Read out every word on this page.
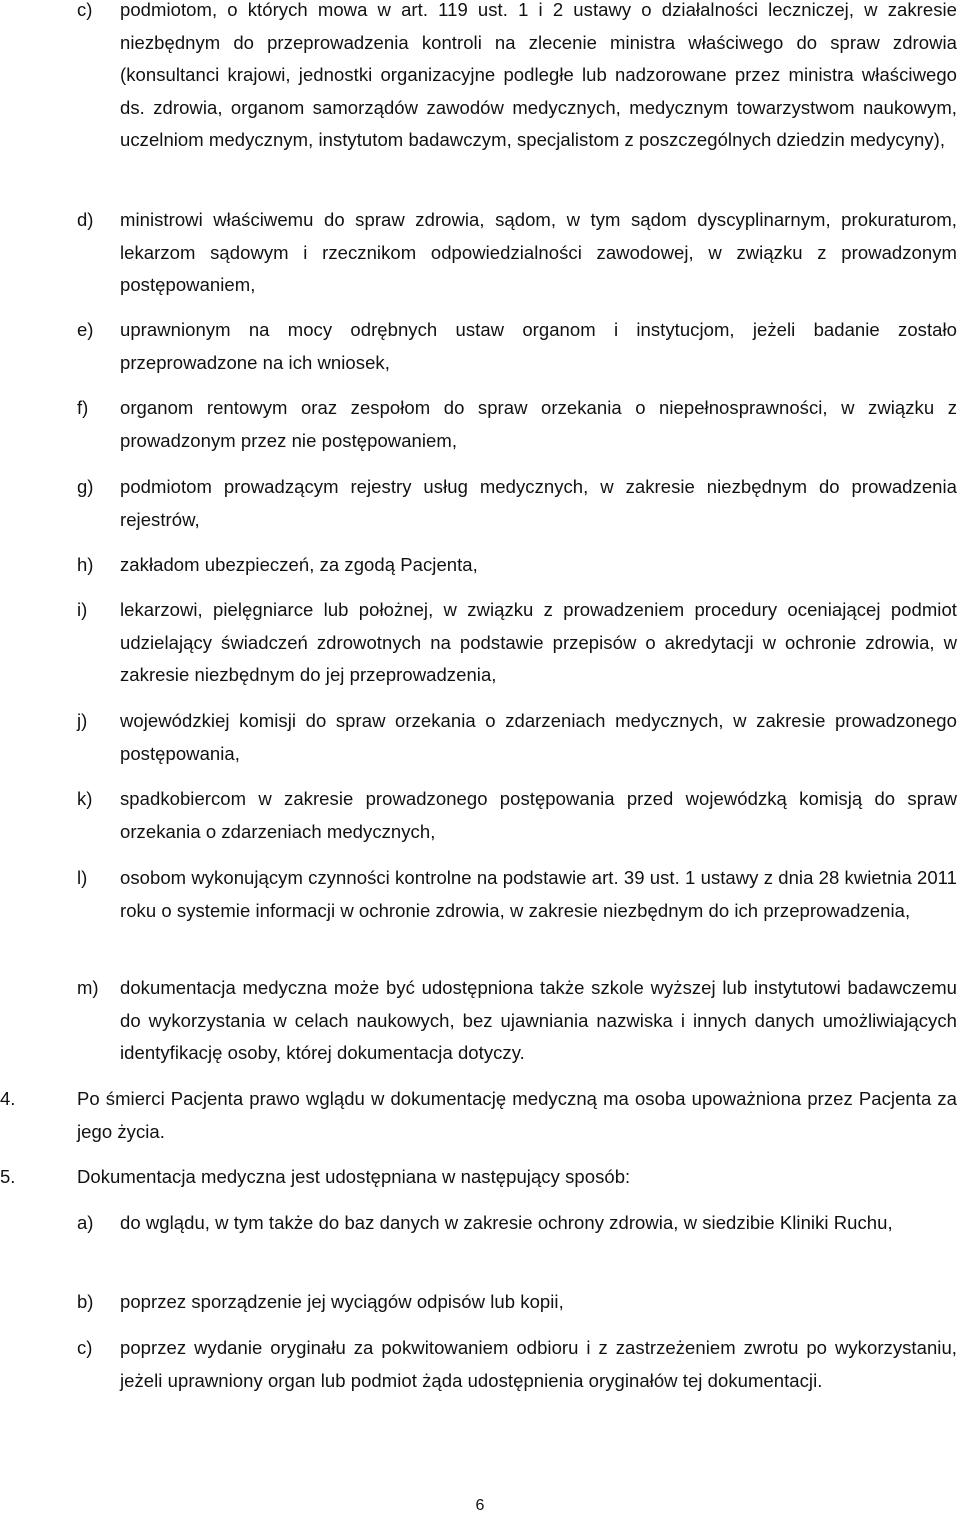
c) podmiotom, o których mowa w art. 119 ust. 1 i 2 ustawy o działalności leczniczej, w zakresie niezbędnym do przeprowadzenia kontroli na zlecenie ministra właściwego do spraw zdrowia (konsultanci krajowi, jednostki organizacyjne podległe lub nadzorowane przez ministra właściwego ds. zdrowia, organom samorządów zawodów medycznych, medycznym towarzystwom naukowym, uczelniom medycznym, instytutom badawczym, specjalistom z poszczególnych dziedzin medycyny),
d) ministrowi właściwemu do spraw zdrowia, sądom, w tym sądom dyscyplinarnym, prokuraturom, lekarzom sądowym i rzecznikom odpowiedzialności zawodowej, w związku z prowadzonym postępowaniem,
e) uprawnionym na mocy odrębnych ustaw organom i instytucjom, jeżeli badanie zostało przeprowadzone na ich wniosek,
f) organom rentowym oraz zespołom do spraw orzekania o niepełnosprawności, w związku z prowadzonym przez nie postępowaniem,
g) podmiotom prowadzącym rejestry usług medycznych, w zakresie niezbędnym do prowadzenia rejestrów,
h) zakładom ubezpieczeń, za zgodą Pacjenta,
i) lekarzowi, pielęgniarce lub położnej, w związku z prowadzeniem procedury oceniającej podmiot udzielający świadczeń zdrowotnych na podstawie przepisów o akredytacji w ochronie zdrowia, w zakresie niezbędnym do jej przeprowadzenia,
j) wojewódzkiej komisji do spraw orzekania o zdarzeniach medycznych, w zakresie prowadzonego postępowania,
k) spadkobiercom w zakresie prowadzonego postępowania przed wojewódzką komisją do spraw orzekania o zdarzeniach medycznych,
l) osobom wykonującym czynności kontrolne na podstawie art. 39 ust. 1 ustawy z dnia 28 kwietnia 2011 roku o systemie informacji w ochronie zdrowia, w zakresie niezbędnym do ich przeprowadzenia,
m) dokumentacja medyczna może być udostępniona także szkole wyższej lub instytutowi badawczemu do wykorzystania w celach naukowych, bez ujawniania nazwiska i innych danych umożliwiających identyfikację osoby, której dokumentacja dotyczy.
4.	Po śmierci Pacjenta prawo wglądu w dokumentację medyczną ma osoba upoważniona przez Pacjenta za jego życia.
5.	Dokumentacja medyczna jest udostępniana w następujący sposób:
a) do wglądu, w tym także do baz danych w zakresie ochrony zdrowia, w siedzibie Kliniki Ruchu,
b) poprzez sporządzenie jej wyciągów odpisów lub kopii,
c) poprzez wydanie oryginału za pokwitowaniem odbioru i z zastrzeżeniem zwrotu po wykorzystaniu, jeżeli uprawniony organ lub podmiot żąda udostępnienia oryginałów tej dokumentacji.
6
